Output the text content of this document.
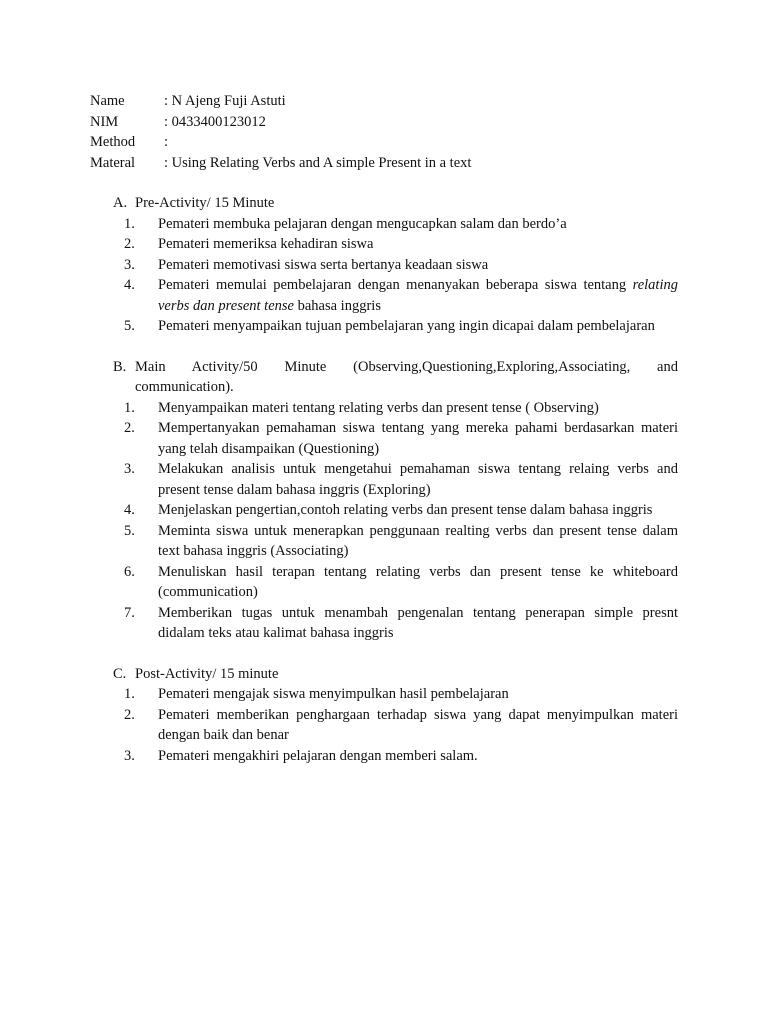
Name	: N Ajeng Fuji Astuti
NIM	: 0433400123012
Method	:
Materal	: Using Relating Verbs and A simple Present in a text
A. Pre-Activity/ 15 Minute
1.	Pemateri membuka pelajaran dengan mengucapkan salam dan berdo’a
2.	Pemateri memeriksa kehadiran siswa
3.	Pemateri memotivasi siswa serta bertanya keadaan siswa
4.	Pemateri memulai pembelajaran dengan menanyakan beberapa siswa tentang relating verbs dan present tense bahasa inggris
5.	Pemateri menyampaikan tujuan pembelajaran yang ingin dicapai dalam pembelajaran
B. Main Activity/50 Minute (Observing,Questioning,Exploring,Associating, and communication).
1.	Menyampaikan materi tentang relating verbs dan present tense ( Observing)
2.	Mempertanyakan pemahaman siswa tentang yang mereka pahami berdasarkan materi yang telah disampaikan (Questioning)
3.	Melakukan analisis untuk mengetahui pemahaman siswa tentang relaing verbs and present tense dalam bahasa inggris (Exploring)
4.	Menjelaskan pengertian,contoh relating verbs dan present tense dalam bahasa inggris
5.	Meminta siswa untuk menerapkan penggunaan realting verbs dan present tense dalam text bahasa inggris (Associating)
6.	Menuliskan hasil terapan tentang relating verbs dan present tense ke whiteboard (communication)
7.	Memberikan tugas untuk menambah pengenalan tentang penerapan simple presnt didalam teks atau kalimat bahasa inggris
C. Post-Activity/ 15 minute
1.	Pemateri mengajak siswa menyimpulkan hasil pembelajaran
2.	Pemateri memberikan penghargaan terhadap siswa yang dapat menyimpulkan materi dengan baik dan benar
3.	Pemateri mengakhiri pelajaran dengan memberi salam.
